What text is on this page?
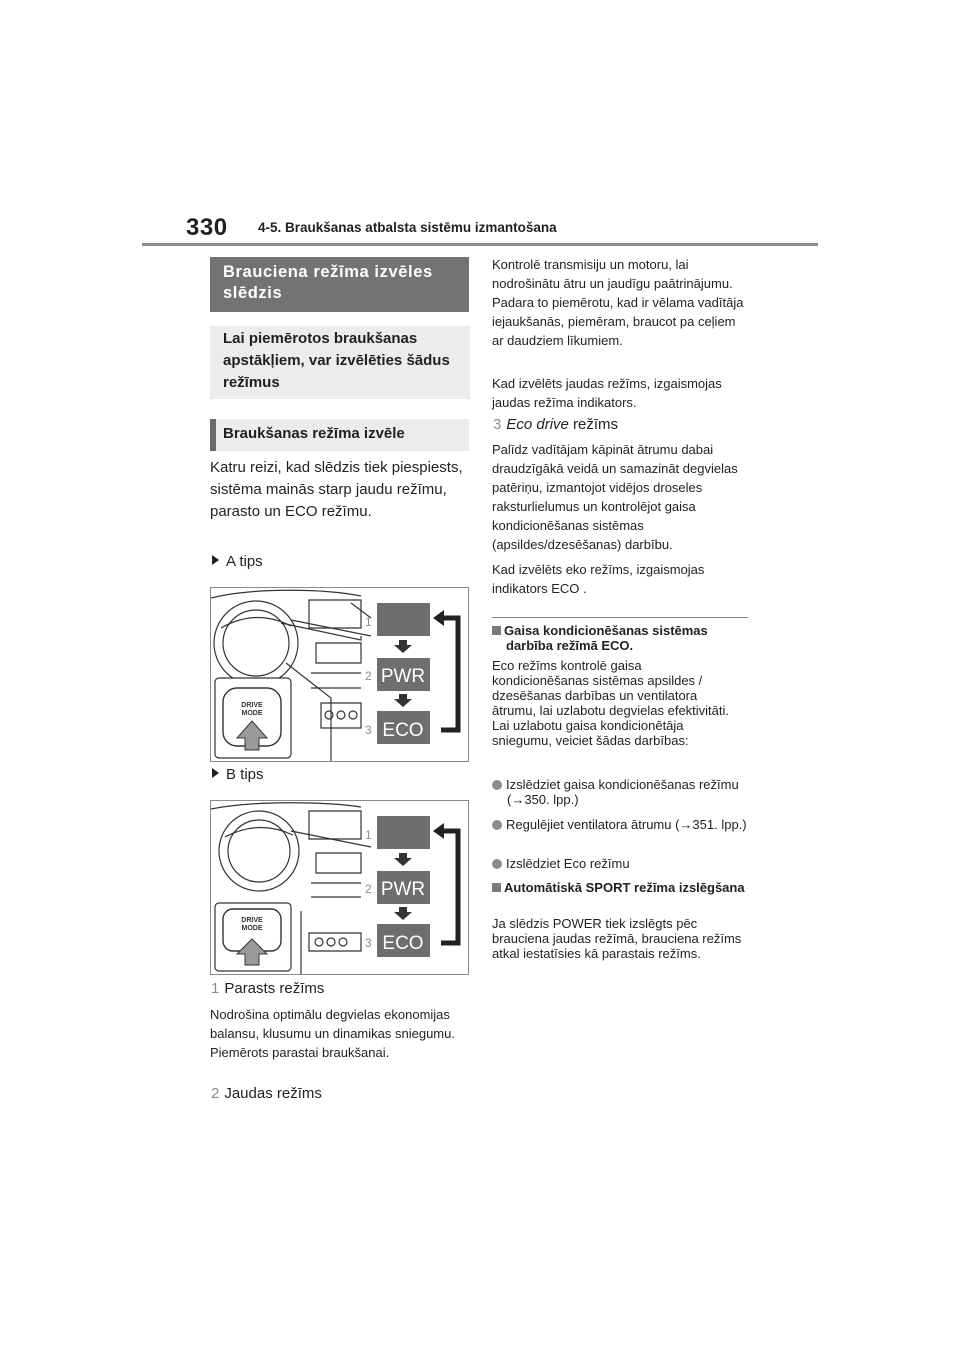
330 4-5. Braukšanas atbalsta sistēmu izmantošana
Brauciena režīma izvēles slēdzis
Lai piemērotos braukšanas apstākļiem, var izvēlēties šādus režīmus
Braukšanas režīma izvēle
Katru reizi, kad slēdzis tiek piespiests, sistēma mainās starp jaudu režīmu, parasto un ECO režīmu.
A tips
DRIVE
MODE
PWR
ECO
1
2
3
B tips
DRIVE
MODE
PWR
ECO
1
2
3
1 Parasts režīms
Nodrošina optimālu degvielas ekonomijas balansu, klusumu un dinamikas sniegumu. Piemērots parastai braukšanai.
2 Jaudas režīms
Kontrolē transmisiju un motoru, lai nodrošinātu ātru un jaudīgu paātrinājumu. Padara to piemērotu, kad ir vēlama vadītāja iejaukšanās, piemēram, braucot pa ceļiem ar daudziem līkumiem.
Kad izvēlēts jaudas režīms, izgaismojas jaudas režīma indikators.
3 Eco drive režīms
Palīdz vadītājam kāpināt ātrumu dabai draudzīgākā veidā un samazināt degvielas patēriņu, izmantojot vidējos droseles raksturlielumus un kontrolējot gaisa kondicionēšanas sistēmas (apsildes/dzesēšanas) darbību.
Kad izvēlēts eko režīms, izgaismojas indikators ECO .
Gaisa kondicionēšanas sistēmas darbība režīmā ECO.
Eco režīms kontrolē gaisa kondicionēšanas sistēmas apsildes / dzesēšanas darbības un ventilatora ātrumu, lai uzlabotu degvielas efektivitāti. Lai uzlabotu gaisa kondicionētāja sniegumu, veiciet šādas darbības:
Izslēdziet gaisa kondicionēšanas režīmu (→350. lpp.)
Regulējiet ventilatora ātrumu (→351. lpp.)
Izslēdziet Eco režīmu
Automātiskā SPORT režīma izslēgšana
Ja slēdzis POWER tiek izslēgts pēc brauciena jaudas režīmā, brauciena režīms atkal iestatīsies kā parastais režīms.
